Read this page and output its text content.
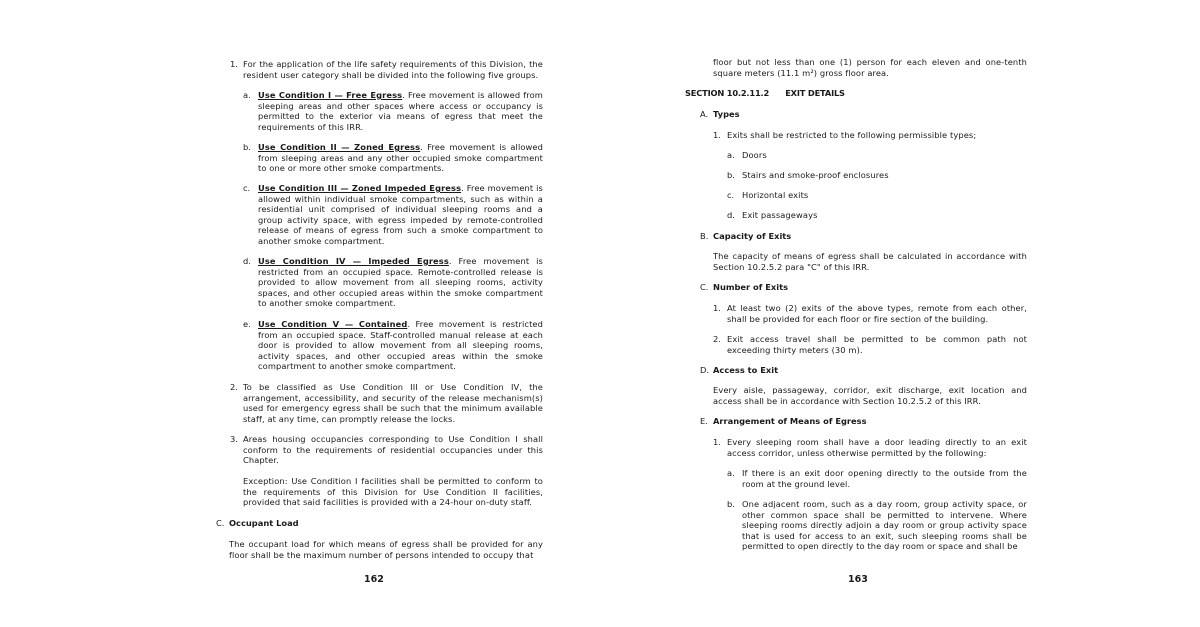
1. For the application of the life safety requirements of this Division, the resident user category shall be divided into the following five groups.

a. Use Condition I — Free Egress. Free movement is allowed from sleeping areas and other spaces where access or occupancy is permitted to the exterior via means of egress that meet the requirements of this IRR.

b. Use Condition II — Zoned Egress. Free movement is allowed from sleeping areas and any other occupied smoke compartment to one or more other smoke compartments.

c. Use Condition III — Zoned Impeded Egress. Free movement is allowed within individual smoke compartments, such as within a residential unit comprised of individual sleeping rooms and a group activity space, with egress impeded by remote-controlled release of means of egress from such a smoke compartment to another smoke compartment.

d. Use Condition IV — Impeded Egress. Free movement is restricted from an occupied space. Remote-controlled release is provided to allow movement from all sleeping rooms, activity spaces, and other occupied areas within the smoke compartment to another smoke compartment.

e. Use Condition V — Contained. Free movement is restricted from an occupied space. Staff-controlled manual release at each door is provided to allow movement from all sleeping rooms, activity spaces, and other occupied areas within the smoke compartment to another smoke compartment.

2. To be classified as Use Condition III or Use Condition IV, the arrangement, accessibility, and security of the release mechanism(s) used for emergency egress shall be such that the minimum available staff, at any time, can promptly release the locks.

3. Areas housing occupancies corresponding to Use Condition I shall conform to the requirements of residential occupancies under this Chapter.

Exception: Use Condition I facilities shall be permitted to conform to the requirements of this Division for Use Condition II facilities, provided that said facilities is provided with a 24-hour on-duty staff.

C. Occupant Load

The occupant load for which means of egress shall be provided for any floor shall be the maximum number of persons intended to occupy that

162

floor but not less than one (1) person for each eleven and one-tenth square meters (11.1 m²) gross floor area.

SECTION 10.2.11.2      EXIT DETAILS

A. Types

1. Exits shall be restricted to the following permissible types;

a. Doors

b. Stairs and smoke-proof enclosures

c. Horizontal exits

d. Exit passageways

B. Capacity of Exits

The capacity of means of egress shall be calculated in accordance with Section 10.2.5.2 para "C" of this IRR.

C. Number of Exits

1. At least two (2) exits of the above types, remote from each other, shall be provided for each floor or fire section of the building.

2. Exit access travel shall be permitted to be common path not exceeding thirty meters (30 m).

D. Access to Exit

Every aisle, passageway, corridor, exit discharge, exit location and access shall be in accordance with Section 10.2.5.2 of this IRR.

E. Arrangement of Means of Egress

1. Every sleeping room shall have a door leading directly to an exit access corridor, unless otherwise permitted by the following:

a. If there is an exit door opening directly to the outside from the room at the ground level.

b. One adjacent room, such as a day room, group activity space, or other common space shall be permitted to intervene. Where sleeping rooms directly adjoin a day room or group activity space that is used for access to an exit, such sleeping rooms shall be permitted to open directly to the day room or space and shall be

163
